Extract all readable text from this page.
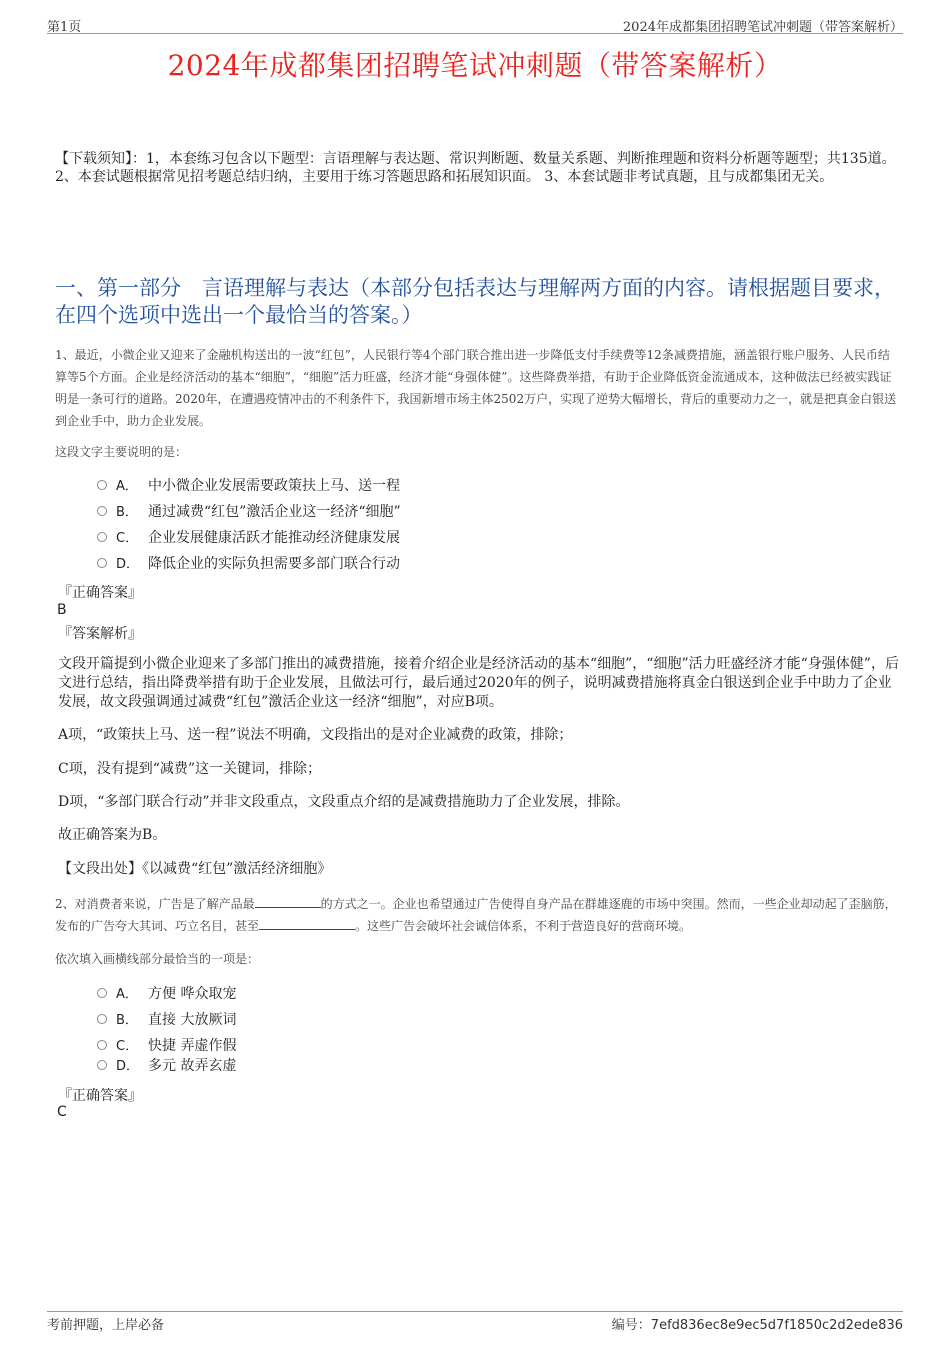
第1页	2024年成都集团招聘笔试冲刺题（带答案解析）
2024年成都集团招聘笔试冲刺题（带答案解析）
【下载须知】：1，本套练习包含以下题型：言语理解与表达题、常识判断题、数量关系题、判断推理题和资料分析题等题型；共135道。 2、本套试题根据常见招考题总结归纳，主要用于练习答题思路和拓展知识面。 3、本套试题非考试真题，且与成都集团无关。
一、第一部分　言语理解与表达（本部分包括表达与理解两方面的内容。请根据题目要求，在四个选项中选出一个最恰当的答案。）
1、最近，小微企业又迎来了金融机构送出的一波“红包”，人民银行等4个部门联合推出进一步降低支付手续费等12条减费措施，涵盖银行账户服务、人民币结算等5个方面。企业是经济活动的基本“细胞”，“细胞”活力旺盛，经济才能“身强体健”。这些降费举措，有助于企业降低资金流通成本，这种做法已经被实践证明是一条可行的道路。2020年，在遭遇疫情冲击的不利条件下，我国新增市场主体2502万户，实现了逆势大幅增长，背后的重要动力之一，就是把真金白银送到企业手中，助力企业发展。
这段文字主要说明的是：
A． 中小微企业发展需要政策扶上马、送一程
B． 通过减费“红包”激活企业这一经济“细胞”
C． 企业发展健康活跃才能推动经济健康发展
D． 降低企业的实际负担需要多部门联合行动
『正确答案』
B
『答案解析』
文段开篇提到小微企业迎来了多部门推出的减费措施，接着介绍企业是经济活动的基本“细胞”，“细胞”活力旺盛经济才能“身强体健”，后文进行总结，指出降费举措有助于企业发展，且做法可行，最后通过2020年的例子，说明减费措施将真金白银送到企业手中助力了企业发展，故文段强调通过减费“红包”激活企业这一经济“细胞”，对应B项。
A项，“政策扶上马、送一程”说法不明确，文段指出的是对企业减费的政策，排除；
C项，没有提到“减费”这一关键词，排除；
D项，“多部门联合行动”并非文段重点，文段重点介绍的是减费措施助力了企业发展，排除。
故正确答案为B。
【文段出处】《以减费“红包”激活经济细胞》
2、对消费者来说，广告是了解产品最	的方式之一。企业也希望通过广告使得自身产品在群雄逐鹿的市场中突围。然而，一些企业却动起了歪脑筋，发布的广告夸大其词、巧立名目，甚至	。这些广告会破坏社会诚信体系，不利于营造良好的营商环境。
依次填入画横线部分最恰当的一项是：
A． 方便 哗众取宠
B． 直接 大放厥词
C． 快捷 弄虚作假
D． 多元 故弄玄虚
『正确答案』
C
考前押题，上岸必备	编号：7efd836ec8e9ec5d7f1850c2d2ede836
